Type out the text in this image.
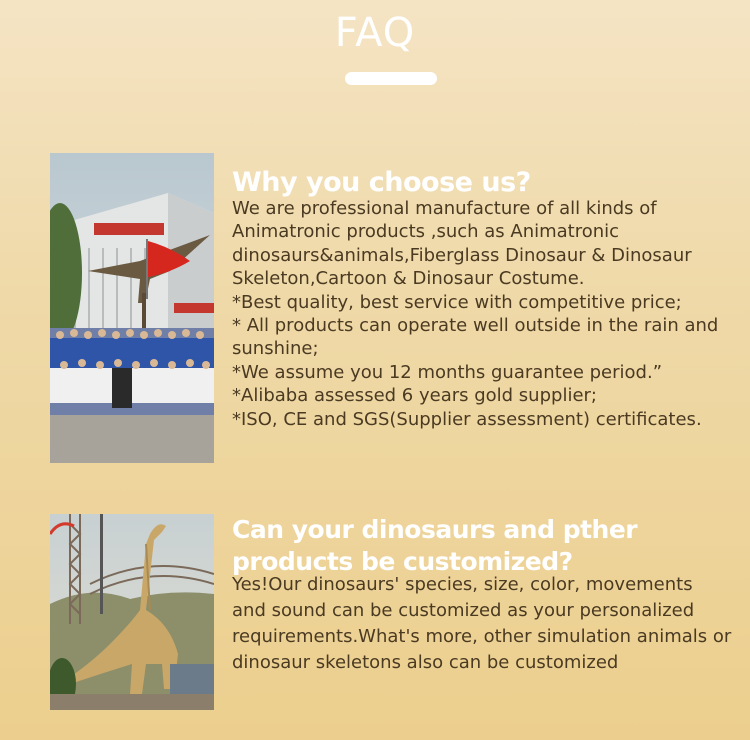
FAQ
Why you choose us?

We are professional manufacture of all kinds of Animatronic products ,such as Animatronic dinosaurs&animals,Fiberglass Dinosaur & Dinosaur Skeleton,Cartoon & Dinosaur Costume.

*Best quality, best service with competitive price;

* All products can operate well outside in the rain and sunshine;

*We assume you 12 months guarantee period.”

*Alibaba assessed 6 years gold supplier;

*ISO, CE and SGS(Supplier assessment) certificates.

Can your dinosaurs and pther products be customized?
Yes!Our dinosaurs' species, size, color, movements and sound can be customized as your personalized requirements.What's more, other simulation animals or dinosaur skeletons also can be customized
